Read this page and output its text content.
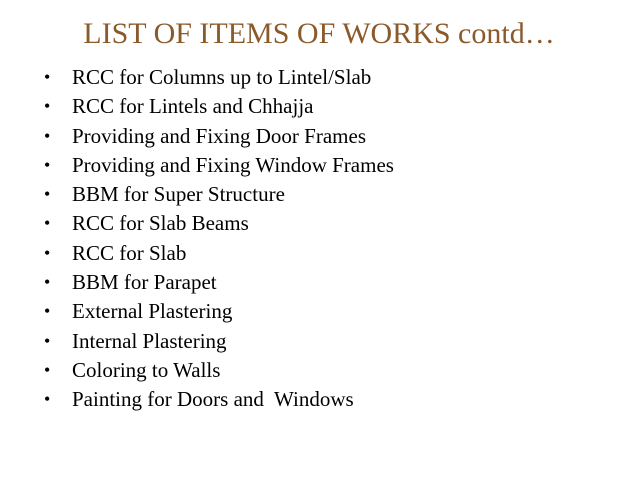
LIST OF ITEMS OF WORKS contd…
•	RCC for Columns up to Lintel/Slab
•	RCC for Lintels and Chhajja
•	Providing and Fixing Door Frames
•	Providing and Fixing Window Frames
•	BBM for Super Structure
•	RCC for Slab Beams
•	RCC for Slab
•	BBM for Parapet
•	External Plastering
•	Internal Plastering
•	Coloring to Walls
•	Painting for Doors and  Windows
